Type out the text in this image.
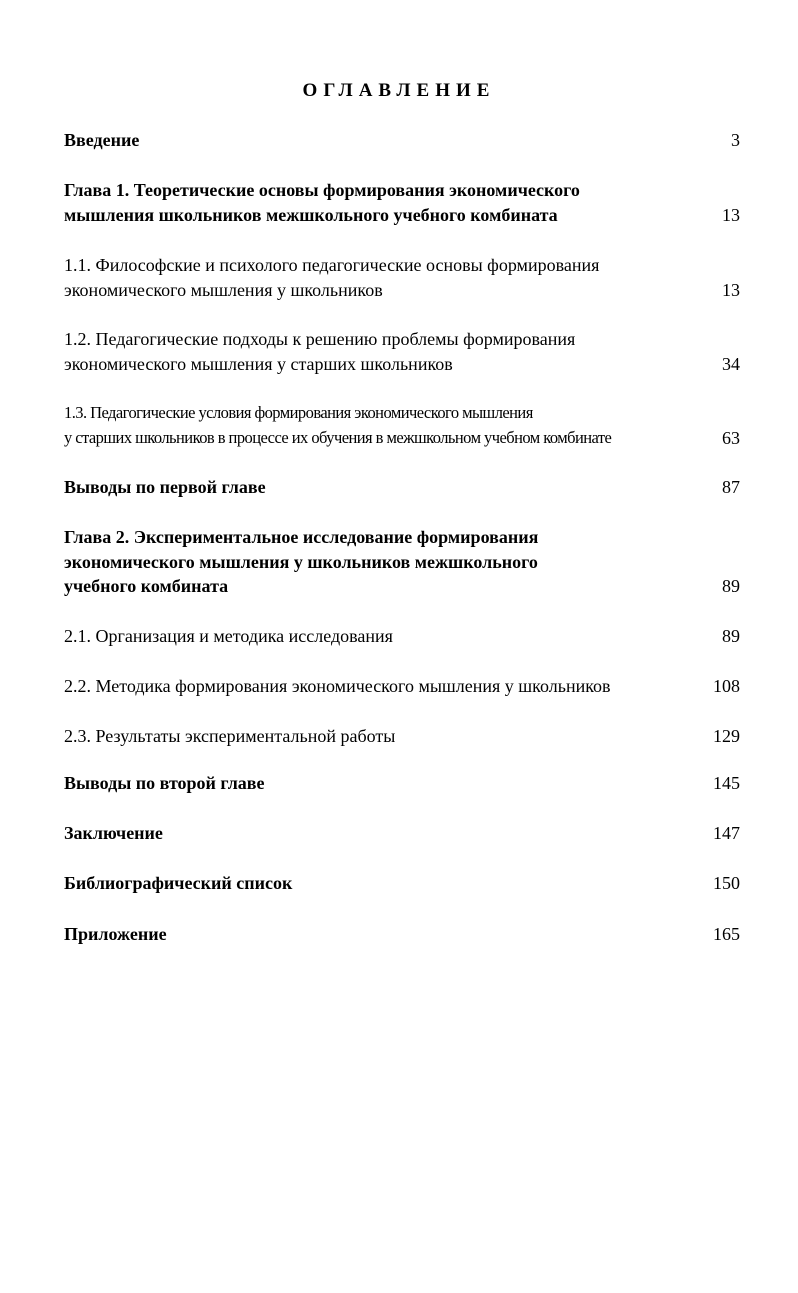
ОГЛАВЛЕНИЕ
Введение	3
Глава 1. Теоретические основы формирования экономического
мышления школьников межшкольного учебного комбината	13
1.1. Философские и психолого педагогические основы формирования
экономического мышления у школьников	13
1.2. Педагогические подходы к решению проблемы формирования
экономического мышления у старших школьников	34
1.3. Педагогические условия формирования экономического мышления
у старших школьников в процессе их обучения в межшкольном учебном комбинате	63
Выводы по первой главе	87
Глава 2. Экспериментальное исследование формирования
экономического мышления у школьников межшкольного
учебного комбината	89
2.1. Организация и методика исследования	89
2.2. Методика формирования экономического мышления у школьников	108
2.3. Результаты экспериментальной работы	129
Выводы по второй главе	145
Заключение	147
Библиографический список	150
Приложение	165
